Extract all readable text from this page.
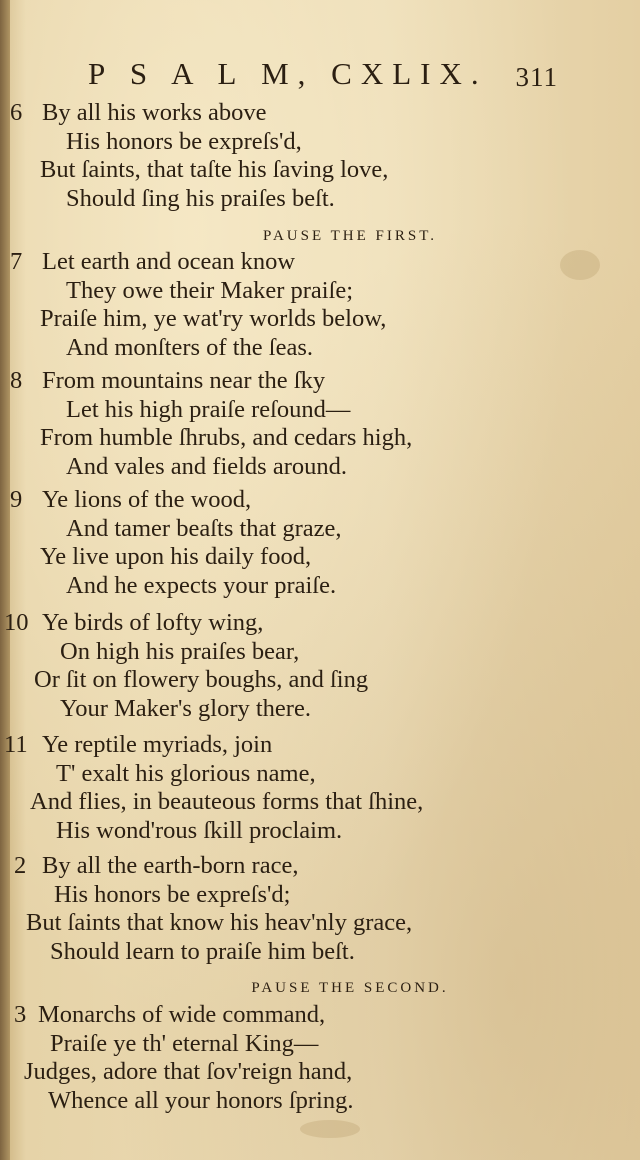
P S A L M, CXLIX. 311
6 By all his works above
His honors be expreſs'd,
But ſaints, that taſte his ſaving love,
Should ſing his praiſes beſt.
PAUSE THE FIRST.
7 Let earth and ocean know
They owe their Maker praiſe;
Praiſe him, ye wat'ry worlds below,
And monſters of the ſeas.
8 From mountains near the ſky
Let his high praiſe reſound—
From humble ſhrubs, and cedars high,
And vales and fields around.
9 Ye lions of the wood,
And tamer beaſts that graze,
Ye live upon his daily food,
And he expects your praiſe.
10 Ye birds of lofty wing,
On high his praiſes bear,
Or ſit on flowery boughs, and ſing
Your Maker's glory there.
11 Ye reptile myriads, join
T' exalt his glorious name,
And flies, in beauteous forms that ſhine,
His wond'rous ſkill proclaim.
2 By all the earth-born race,
His honors be expreſs'd;
But ſaints that know his heav'nly grace,
Should learn to praiſe him beſt.
PAUSE THE SECOND.
3 Monarchs of wide command,
Praiſe ye th' eternal King—
Judges, adore that ſov'reign hand,
Whence all your honors ſpring.
